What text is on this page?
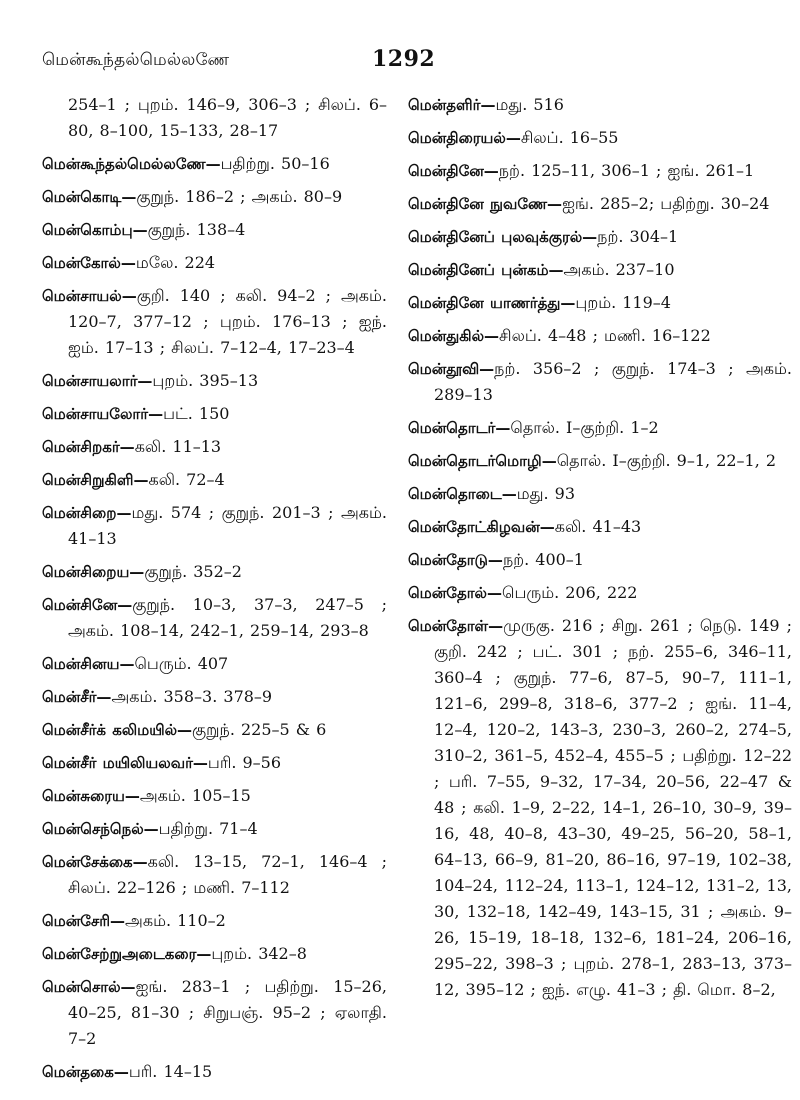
மென்கூந்தல்மெல்லணே	1292
254–1 ; புறம். 146–9, 306–3 ; சிலப். 6–80, 8–100, 15–133, 28–17
மென்கூந்தல்மெல்லணே—பதிற்று. 50–16
மென்கொடி—குறுந். 186–2 ; அகம். 80–9
மென்கொம்பு—குறுந். 138–4
மென்கோல்—மலே. 224
மென்சாயல்—குறி. 140 ; கலி. 94–2 ; அகம். 120–7, 377–12 ; புறம். 176–13 ; ஐந். ஐம். 17–13 ; சிலப். 7–12–4, 17–23–4
மென்சாயலார்—புறம். 395–13
மென்சாயலோர்—பட். 150
மென்சிறகர்—கலி. 11–13
மென்சிறுகிளி—கலி. 72–4
மென்சிறை—மது. 574 ; குறுந். 201–3 ; அகம். 41–13
மென்சிறைய—குறுந். 352–2
மென்சினே—குறுந். 10–3, 37–3, 247–5 ; அகம். 108–14, 242–1, 259–14, 293–8
மென்சினய—பெரும். 407
மென்சீர்—அகம். 358–3. 378–9
மென்சீர்க் கலிமயில்—குறுந். 225–5 & 6
மென்சீர் மயிலியலவர்—பரி. 9–56
மென்சுரைய—அகம். 105–15
மென்செந்நெல்—பதிற்று. 71–4
மென்சேக்கை—கலி. 13–15, 72–1, 146–4 ; சிலப். 22–126 ; மணி. 7–112
மென்சேரி—அகம். 110–2
மென்சேற்றுஅடைகரை—புறம். 342–8
மென்சொல்—ஐங். 283–1 ; பதிற்று. 15–26, 40–25, 81–30 ; சிறுபஞ். 95–2 ; ஏலாதி. 7–2
மென்தகை—பரி. 14–15
மென்தளிர்—மது. 516
மென்திரையல்—சிலப். 16–55
மென்தினே—நற். 125–11, 306–1 ; ஐங். 261–1
மென்தினே நுவணே—ஐங். 285–2; பதிற்று. 30–24
மென்தினேப் புலவுக்குரல்—நற். 304–1
மென்தினேப் புன்கம்—அகம். 237–10
மென்தினே யாணர்த்து—புறம். 119–4
மென்துகில்—சிலப். 4–48 ; மணி. 16–122
மென்தூவி—நற். 356–2 ; குறுந். 174–3 ; அகம். 289–13
மென்தொடர்—தொல். I–குற்றி. 1–2
மென்தொடர்மொழி—தொல். I–குற்றி. 9–1, 22–1, 2
மென்தொடை—மது. 93
மென்தோட்கிழவன்—கலி. 41–43
மென்தோடு—நற். 400–1
மென்தோல்—பெரும். 206, 222
மென்தோள்—முருகு. 216 ; சிறு. 261 ; நெடு. 149 ; குறி. 242 ; பட். 301 ; நற். 255–6, 346–11, 360–4 ; குறுந். 77–6, 87–5, 90–7, 111–1, 121–6, 299–8, 318–6, 377–2 ; ஐங். 11–4, 12–4, 120–2, 143–3, 230–3, 260–2, 274–5, 310–2, 361–5, 452–4, 455–5 ; பதிற்று. 12–22 ; பரி. 7–55, 9–32, 17–34, 20–56, 22–47 & 48 ; கலி. 1–9, 2–22, 14–1, 26–10, 30–9, 39–16, 48, 40–8, 43–30, 49–25, 56–20, 58–1, 64–13, 66–9, 81–20, 86–16, 97–19, 102–38, 104–24, 112–24, 113–1, 124–12, 131–2, 13, 30, 132–18, 142–49, 143–15, 31 ; அகம். 9–26, 15–19, 18–18, 132–6, 181–24, 206–16, 295–22, 398–3 ; புறம். 278–1, 283–13, 373–12, 395–12 ; ஐந். எழு. 41–3 ; தி. மொ. 8–2,
